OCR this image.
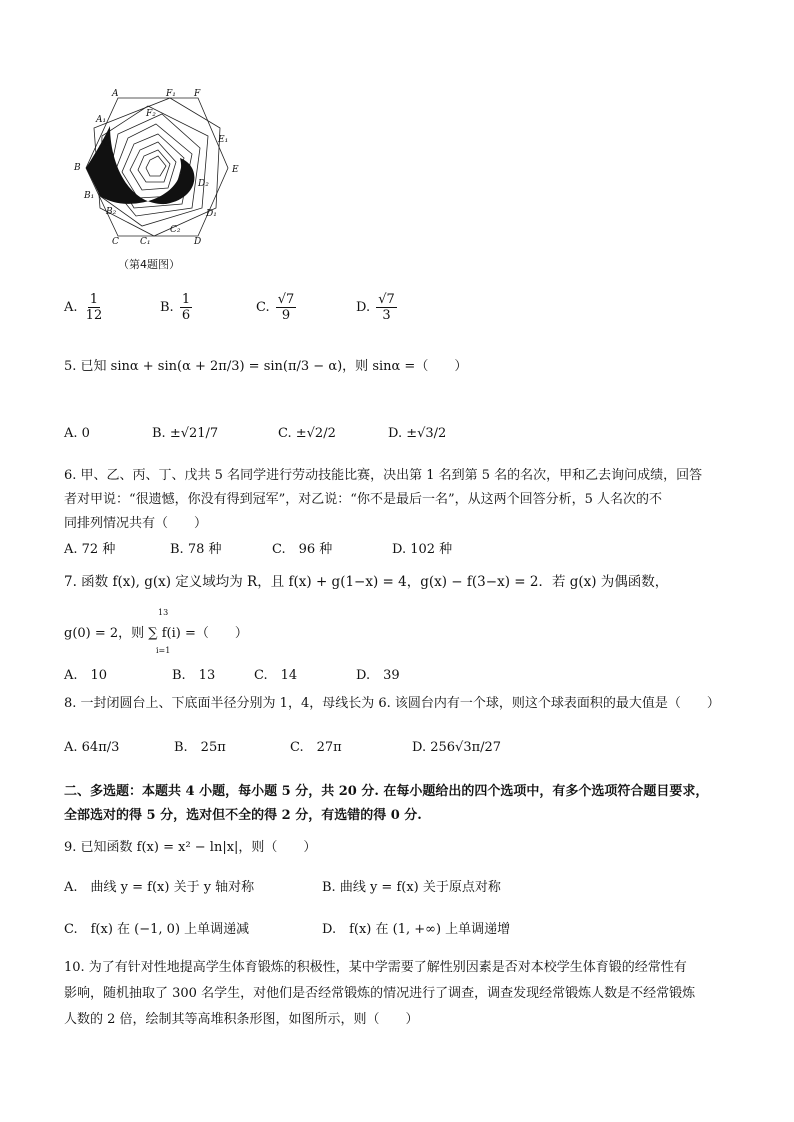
A	F₁ F
A₁
F₂
E₁
E
B
D₂
B₁
B₂	D₁
C C₁
C₂
D
A₂
（第4题图）
A. $\frac{1}{12}$	B. $\frac{1}{6}$	C. $\frac{√7}{9}$	D. $\frac{√7}{3}$
5. 已知 sinα + sin(α + 2π/3) = sin(π/3 − α)，则 sinα =（　　）
A. 0	B. ±√21/7	C. ±√2/2	D. ±√3/2
6. 甲、乙、丙、丁、戊共 5 名同学进行劳动技能比赛，决出第 1 名到第 5 名的名次，甲和乙去询问成绩，回答
者对甲说：“很遗憾，你没有得到冠军”，对乙说：“你不是最后一名”，从这两个回答分析，5 人名次的不
同排列情况共有（　　）
A. 72 种	B. 78 种	C.　96 种	D. 102 种
7. 函数 f(x), g(x) 定义域均为 R，且 f(x) + g(1−x) = 4，g(x) − f(3−x) = 2．若 g(x) 为偶函数，
g(0) = 2，则 ∑ f(i) =（　　）
13
i=1
A.　10	B.　13	C.　14	D.　39
8. 一封闭圆台上、下底面半径分别为 1，4，母线长为 6. 该圆台内有一个球，则这个球表面积的最大值是（　　）
A. 64π/3	B.　25π	C.　27π	D. 256√3π/27
二、多选题：本题共 4 小题，每小题 5 分，共 20 分. 在每小题给出的四个选项中，有多个选项符合题目要求，
全部选对的得 5 分，选对但不全的得 2 分，有选错的得 0 分.
9. 已知函数 f(x) = x² − ln|x|，则（　　）
A.　曲线 y = f(x) 关于 y 轴对称	B. 曲线 y = f(x) 关于原点对称
C.　f(x) 在 (−1, 0) 上单调递减	D.　f(x) 在 (1, +∞) 上单调递增
10. 为了有针对性地提高学生体育锻炼的积极性，某中学需要了解性别因素是否对本校学生体育锻的经常性有
影响，随机抽取了 300 名学生，对他们是否经常锻炼的情况进行了调查，调查发现经常锻炼人数是不经常锻炼
人数的 2 倍，绘制其等高堆积条形图，如图所示，则（　　）
